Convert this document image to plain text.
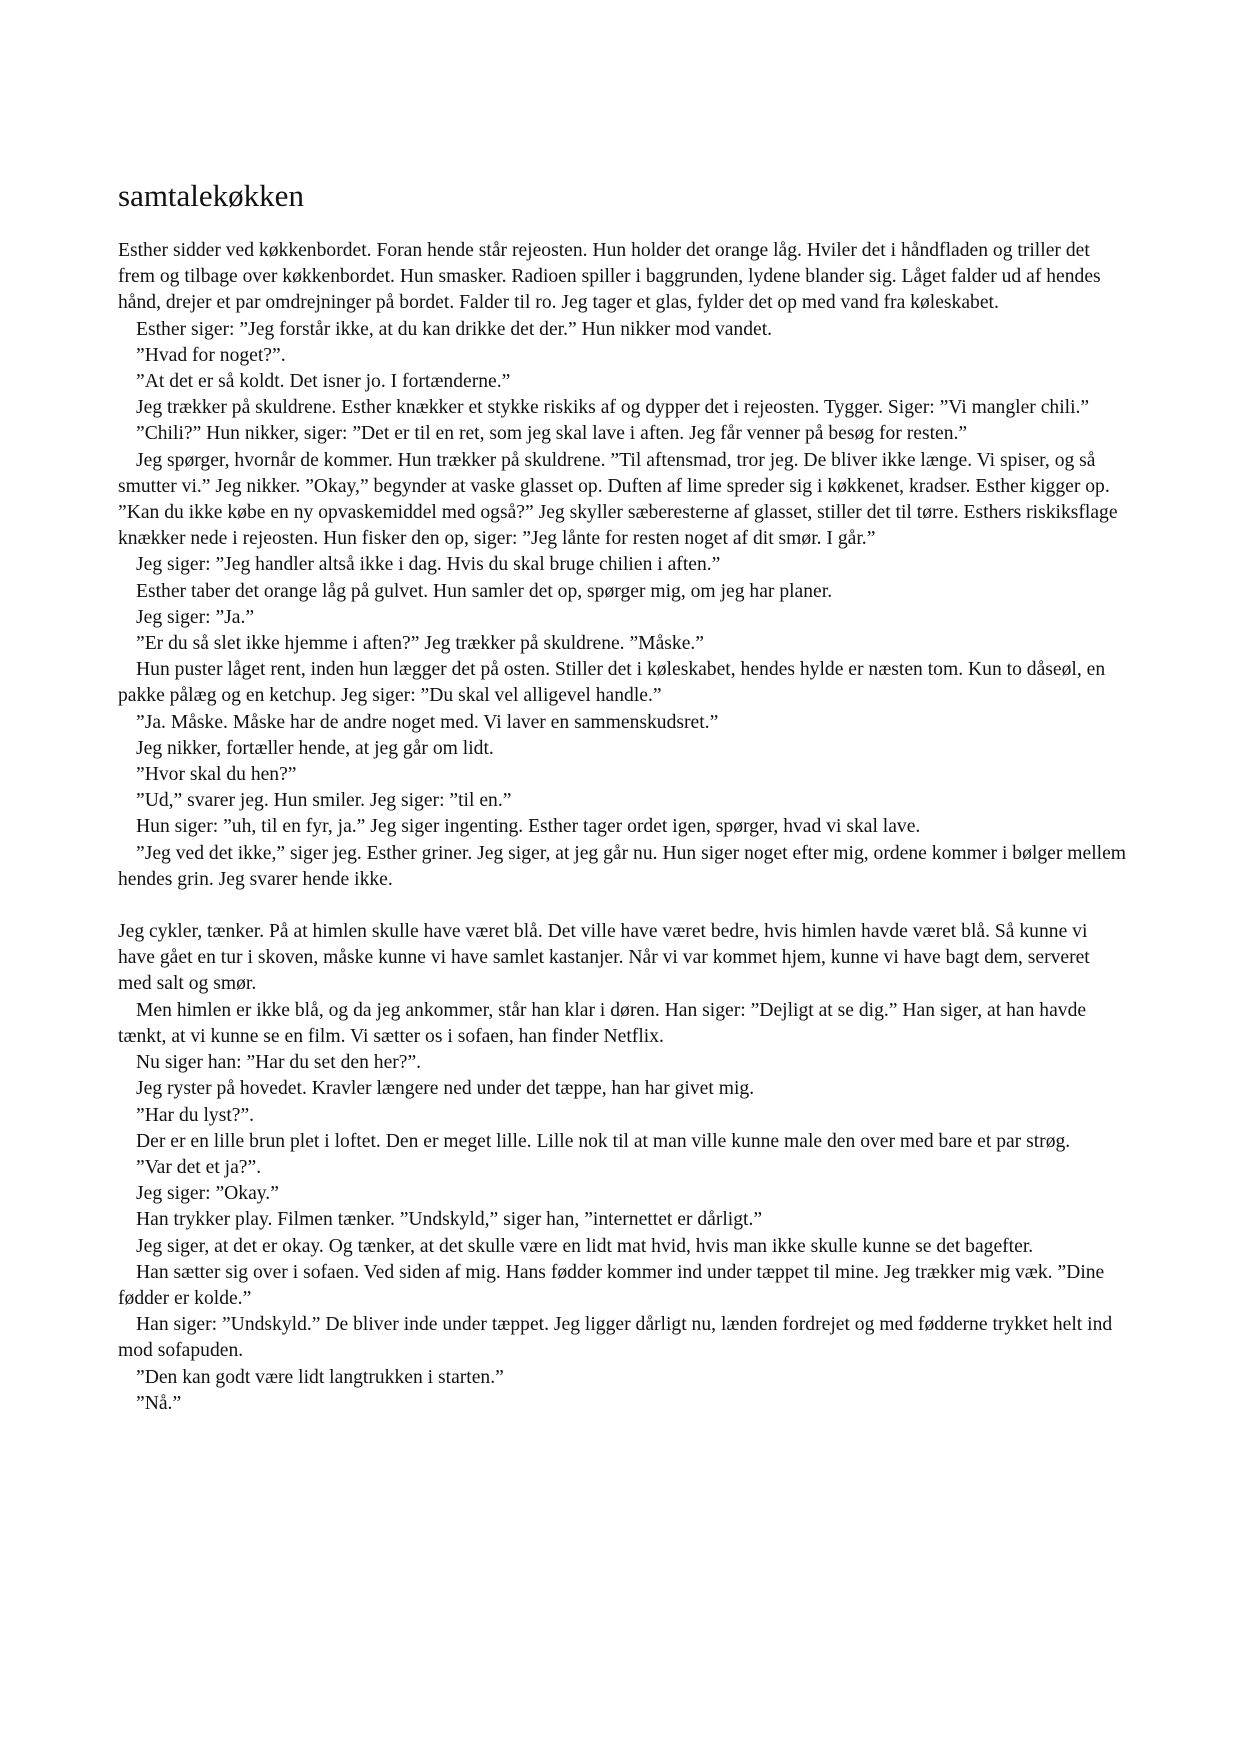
samtalekøkken

Esther sidder ved køkkenbordet. Foran hende står rejeosten. Hun holder det orange låg. Hviler det i håndfladen og triller det frem og tilbage over køkkenbordet. Hun smasker. Radioen spiller i baggrunden, lydene blander sig. Låget falder ud af hendes hånd, drejer et par omdrejninger på bordet. Falder til ro. Jeg tager et glas, fylder det op med vand fra køleskabet.

Esther siger: ”Jeg forstår ikke, at du kan drikke det der.” Hun nikker mod vandet.

”Hvad for noget?”.

”At det er så koldt. Det isner jo. I fortænderne.”

Jeg trækker på skuldrene. Esther knækker et stykke riskiks af og dypper det i rejeosten. Tygger. Siger: ”Vi mangler chili.”

”Chili?” Hun nikker, siger: ”Det er til en ret, som jeg skal lave i aften. Jeg får venner på besøg for resten.”

Jeg spørger, hvornår de kommer. Hun trækker på skuldrene. ”Til aftensmad, tror jeg. De bliver ikke længe. Vi spiser, og så smutter vi.” Jeg nikker. ”Okay,” begynder at vaske glasset op. Duften af lime spreder sig i køkkenet, kradser. Esther kigger op. ”Kan du ikke købe en ny opvaskemiddel med også?” Jeg skyller sæberesterne af glasset, stiller det til tørre. Esthers riskiksflage knækker nede i rejeosten. Hun fisker den op, siger: ”Jeg lånte for resten noget af dit smør. I går.”

Jeg siger: ”Jeg handler altså ikke i dag. Hvis du skal bruge chilien i aften.”

Esther taber det orange låg på gulvet. Hun samler det op, spørger mig, om jeg har planer.

Jeg siger: ”Ja.”

”Er du så slet ikke hjemme i aften?” Jeg trækker på skuldrene. ”Måske.”

Hun puster låget rent, inden hun lægger det på osten. Stiller det i køleskabet, hendes hylde er næsten tom. Kun to dåseøl, en pakke pålæg og en ketchup. Jeg siger: ”Du skal vel alligevel handle.”

”Ja. Måske. Måske har de andre noget med. Vi laver en sammenskudsret.”

Jeg nikker, fortæller hende, at jeg går om lidt.

”Hvor skal du hen?”

”Ud,” svarer jeg. Hun smiler. Jeg siger: ”til en.”

Hun siger: ”uh, til en fyr, ja.” Jeg siger ingenting. Esther tager ordet igen, spørger, hvad vi skal lave.

”Jeg ved det ikke,” siger jeg. Esther griner. Jeg siger, at jeg går nu. Hun siger noget efter mig, ordene kommer i bølger mellem hendes grin. Jeg svarer hende ikke.

Jeg cykler, tænker. På at himlen skulle have været blå. Det ville have været bedre, hvis himlen havde været blå. Så kunne vi have gået en tur i skoven, måske kunne vi have samlet kastanjer. Når vi var kommet hjem, kunne vi have bagt dem, serveret med salt og smør.

Men himlen er ikke blå, og da jeg ankommer, står han klar i døren. Han siger: ”Dejligt at se dig.” Han siger, at han havde tænkt, at vi kunne se en film. Vi sætter os i sofaen, han finder Netflix.

Nu siger han: ”Har du set den her?”.

Jeg ryster på hovedet. Kravler længere ned under det tæppe, han har givet mig.

”Har du lyst?”.

Der er en lille brun plet i loftet. Den er meget lille. Lille nok til at man ville kunne male den over med bare et par strøg.

”Var det et ja?”.

Jeg siger: ”Okay.”

Han trykker play. Filmen tænker. ”Undskyld,” siger han, ”internettet er dårligt.”

Jeg siger, at det er okay. Og tænker, at det skulle være en lidt mat hvid, hvis man ikke skulle kunne se det bagefter.

Han sætter sig over i sofaen. Ved siden af mig. Hans fødder kommer ind under tæppet til mine. Jeg trækker mig væk. ”Dine fødder er kolde.”

Han siger: ”Undskyld.” De bliver inde under tæppet. Jeg ligger dårligt nu, lænden fordrejet og med fødderne trykket helt ind mod sofapuden.

”Den kan godt være lidt langtrukken i starten.”

”Nå.”
